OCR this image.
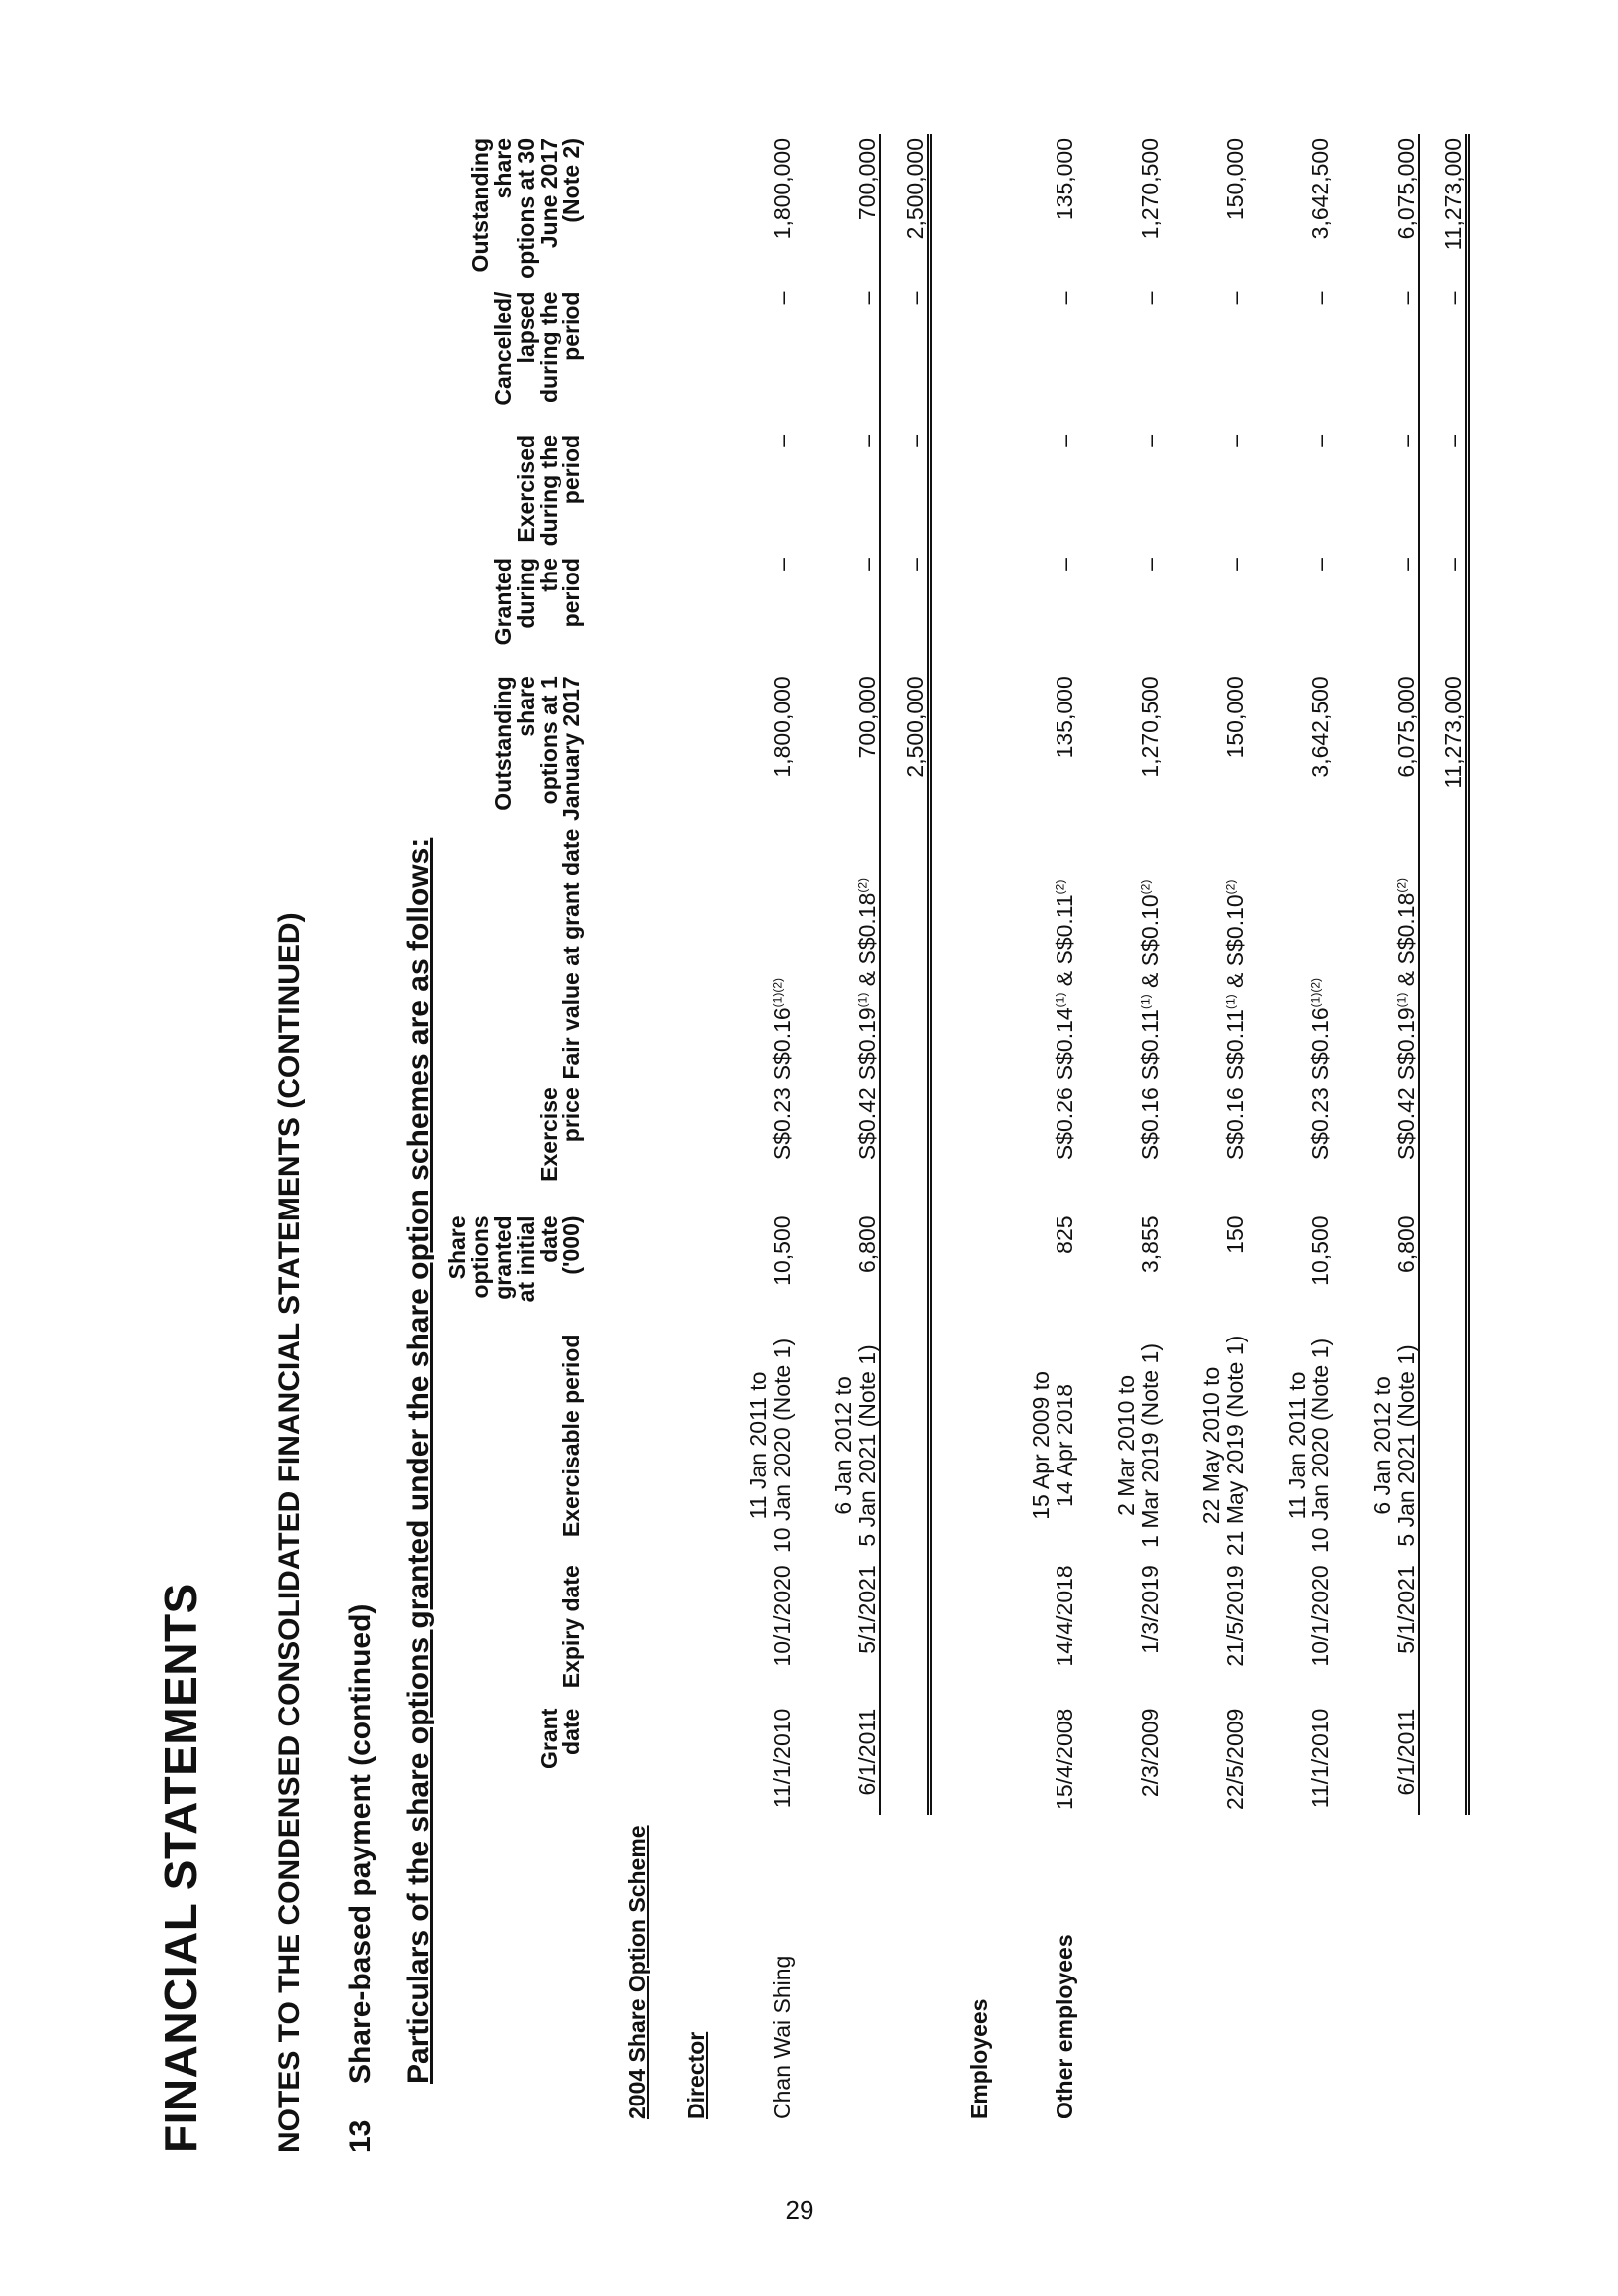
29
FINANCIAL STATEMENTS NOTES TO THE CONDENSED CONSOLIDATED FINANCIAL STATEMENTS (CONTINUED) 13Share-based payment (continued) Particulars of the share options granted under the share option schemes are as follows:
		Grant date	Expiry date	Exercisable period	Share options granted at initial date ('000)	Exercise price	Fair value at grant date	Outstanding share options at 1 January 2017	Granted during the period	Exercised during the period	Cancelled/ lapsed during the period	Outstanding share options at 30 June 2017 (Note 2)
2004 Share Option Scheme											
Director											
Chan Wai Shing	11/1/2010	10/1/2020	11 Jan 2011 to
10 Jan 2020 (Note 1)	10,500	S$0.23	$S\$0.16^{(1)(2)}$	1,800,000	–	–	–	1,800,000
	6/1/2011	5/1/2021	6 Jan 2012 to
5 Jan 2021 (Note 1)	6,800	S$0.42	S$0.19$^{(1)}$ & S$0.18$^{(2)}$	700,000	–	–	–	700,000
							2,500,000	–	–	–	2,500,000
Employees											
Other employees	15/4/2008	14/4/2018	15 Apr 2009 to
14 Apr 2018	825	S$0.26	S$0.14$^{(1)}$ & S$0.11$^{(2)}$	135,000	–	–	–	135,000
	2/3/2009	1/3/2019	2 Mar 2010 to
1 Mar 2019 (Note 1)	3,855	S$0.16	S$0.11$^{(1)}$ & S$0.10$^{(2)}$	1,270,500	–	–	–	1,270,500
	22/5/2009	21/5/2019	22 May 2010 to
21 May 2019 (Note 1)	150	S$0.16	S$0.11$^{(1)}$ & S$0.10$^{(2)}$	150,000	–	–	–	150,000
	11/1/2010	10/1/2020	11 Jan 2011 to
10 Jan 2020 (Note 1)	10,500	S$0.23	$S\$0.16^{(1)(2)}$	3,642,500	–	–	–	3,642,500
	6/1/2011	5/1/2021	6 Jan 2012 to
5 Jan 2021 (Note 1)	6,800	S$0.42	S$0.19$^{(1)}$ & S$0.18$^{(2)}$	6,075,000	–	–	–	6,075,000
							11,273,000	–	–	–	11,273,000
